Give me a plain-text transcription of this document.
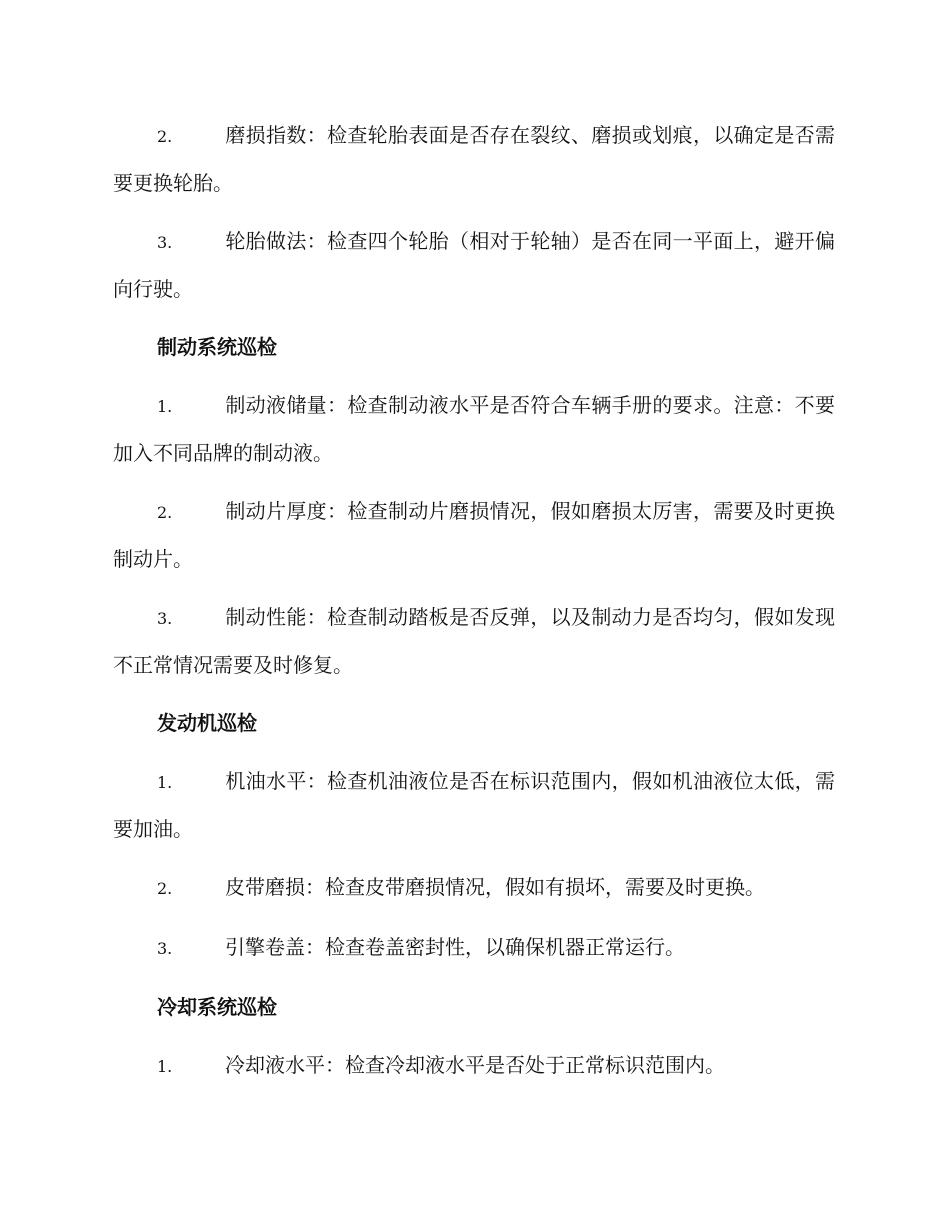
2.	磨损指数：检查轮胎表面是否存在裂纹、磨损或划痕，以确定是否需要更换轮胎。

3.	轮胎做法：检查四个轮胎（相对于轮轴）是否在同一平面上，避开偏向行驶。

制动系统巡检

1.	制动液储量：检查制动液水平是否符合车辆手册的要求。注意：不要加入不同品牌的制动液。

2.	制动片厚度：检查制动片磨损情况，假如磨损太厉害，需要及时更换制动片。

3.	制动性能：检查制动踏板是否反弹，以及制动力是否均匀，假如发现不正常情况需要及时修复。

发动机巡检

1.	机油水平：检查机油液位是否在标识范围内，假如机油液位太低，需要加油。

2.	皮带磨损：检查皮带磨损情况，假如有损坏，需要及时更换。

3.	引擎卷盖：检查卷盖密封性，以确保机器正常运行。

冷却系统巡检

1.	冷却液水平：检查冷却液水平是否处于正常标识范围内。
